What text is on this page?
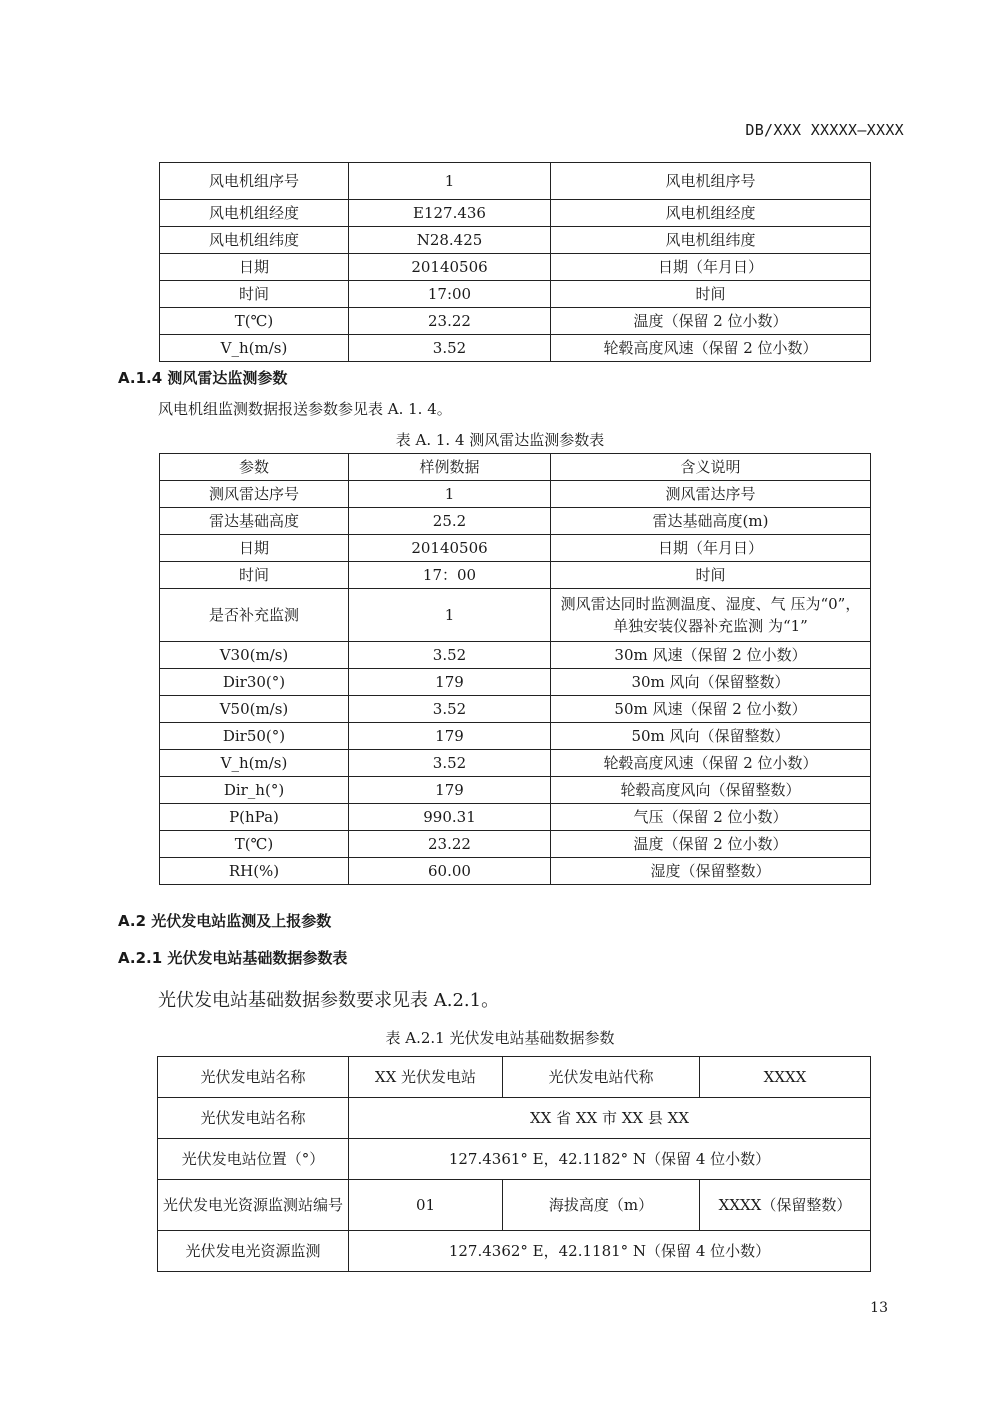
DB/XXX XXXXX—XXXX
风电机组序号	1	风电机组序号
风电机组经度	E127.436	风电机组经度
风电机组纬度	N28.425	风电机组纬度
日期	20140506	日期（年月日）
时间	17:00	时间
T(℃)	23.22	温度（保留 2 位小数）
V_h(m/s)	3.52	轮毂高度风速（保留 2 位小数）
A.1.4 测风雷达监测参数
风电机组监测数据报送参数参见表 A. 1. 4。
表 A. 1. 4 测风雷达监测参数表
参数	样例数据	含义说明
测风雷达序号	1	测风雷达序号
雷达基础高度	25.2	雷达基础高度(m)
日期	20140506	日期（年月日）
时间	17：00	时间
是否补充监测	1	测风雷达同时监测温度、湿度、气 压为“0”，单独安装仪器补充监测 为“1”
V30(m/s)	3.52	30m 风速（保留 2 位小数）
Dir30(°)	179	30m 风向（保留整数）
V50(m/s)	3.52	50m 风速（保留 2 位小数）
Dir50(°)	179	50m 风向（保留整数）
V_h(m/s)	3.52	轮毂高度风速（保留 2 位小数）
Dir_h(°)	179	轮毂高度风向（保留整数）
P(hPa)	990.31	气压（保留 2 位小数）
T(℃)	23.22	温度（保留 2 位小数）
RH(%)	60.00	湿度（保留整数）
A.2 光伏发电站监测及上报参数
A.2.1 光伏发电站基础数据参数表
光伏发电站基础数据参数要求见表 A.2.1。
表 A.2.1 光伏发电站基础数据参数
光伏发电站名称	XX 光伏发电站	光伏发电站代称	XXXX
光伏发电站名称	XX 省 XX 市 XX 县 XX		
光伏发电站位置（°）	127.4361° E，42.1182° N（保留 4 位小数）		
光伏发电光资源监测站编号	01	海拔高度（m）	XXXX（保留整数）
光伏发电光资源监测	127.4362° E，42.1181° N（保留 4 位小数）		
13
